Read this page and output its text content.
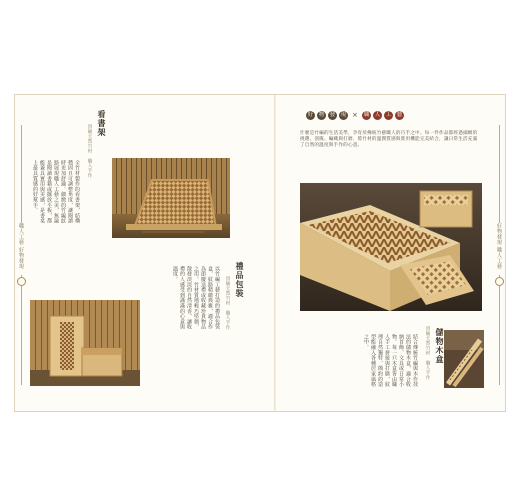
職人工藝 好物發現	好物發現 職人工藝
看書架
頂級天然竹材　職人手作
全竹材製作的看書架，結構穩固且可調整角度，讓閱讀時更加舒適。細緻的竹編紋路展現職人工藝之美，無論是閱讀書籍或擺放平板，都能兼具實用與美感，是書桌上最具質感的好幫手。
禮品包裝
頂級天然竹材　職人手作
以竹編工藝打造的禮品包裝盒，紋路精緻典雅，適合作為節慶送禮或收藏珍貴物品之用。竹材質地輕巧堅韌，散發淡淡的自然清香，讓收禮的人感受到滿滿的心意與溫度。
好 物 發 現 ×	職 人 工 藝
什麼是竹編的生活美學，孕育於傳統竹藝職人的巧手之中。每一件作品都經過細緻的挑選、剖篾、編織與打磨，將竹材的溫潤質感與實用機能完美結合，讓日常生活充滿了自然的溫度與手作的心意。
儲物木盒
頂級天然竹材　職人手作
結合傳統竹編與木作技法的儲物木盒，適合收納首飾、文具或日常小物。每一只木盒皆由職人手工拼接與打磨，紋理自然獨特，簡約的造型能融入各種居家風格之中。
